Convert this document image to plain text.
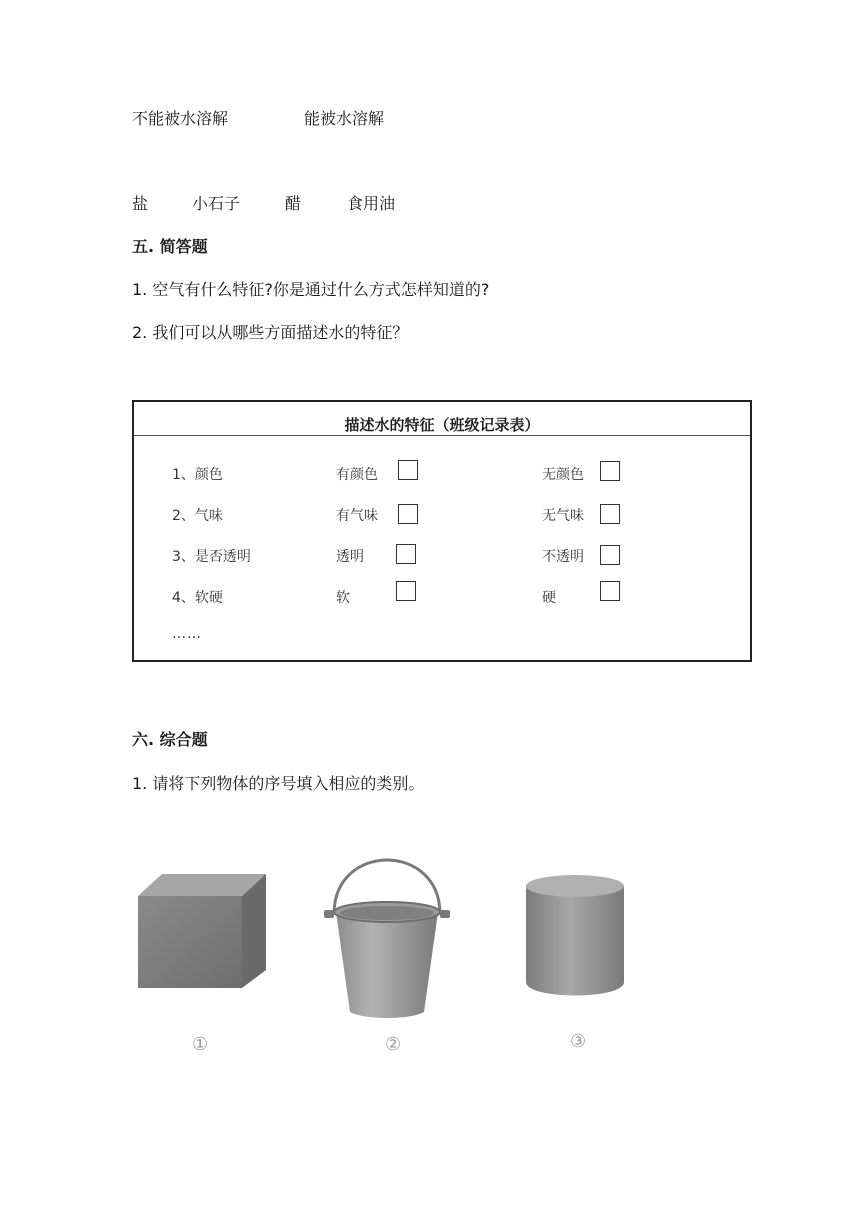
不能被水溶解	能被水溶解
盐	小石子	醋	食用油
五. 简答题
1. 空气有什么特征?你是通过什么方式怎样知道的?
2. 我们可以从哪些方面描述水的特征？
描述水的特征（班级记录表）
1、颜色	有颜色	无颜色
2、气味	有气味	无气味
3、是否透明	透明	不透明
4、软硬	软	硬
……
六. 综合题
1. 请将下列物体的序号填入相应的类别。
①	②	③
